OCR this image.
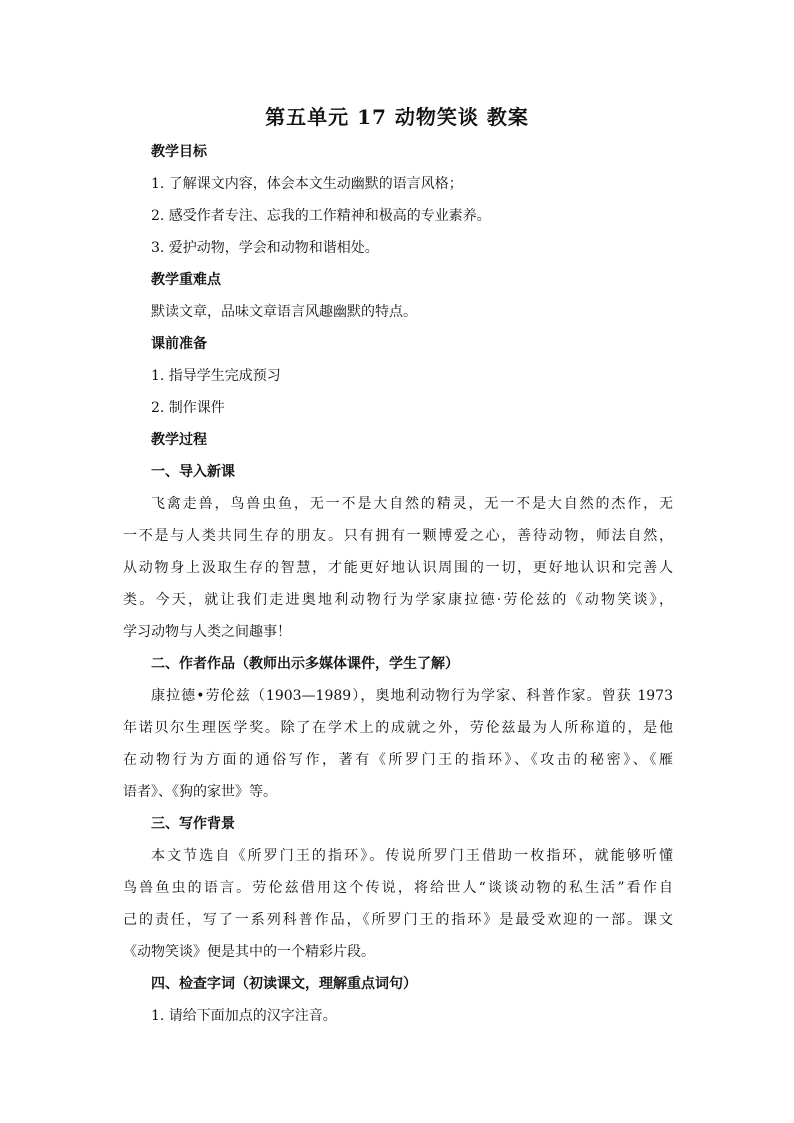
第五单元 17 动物笑谈 教案
教学目标
1. 了解课文内容，体会本文生动幽默的语言风格；
2. 感受作者专注、忘我的工作精神和极高的专业素养。
3. 爱护动物，学会和动物和谐相处。
教学重难点
默读文章，品味文章语言风趣幽默的特点。
课前准备
1. 指导学生完成预习
2. 制作课件
教学过程
一、导入新课
飞禽走兽，鸟兽虫鱼，无一不是大自然的精灵，无一不是大自然的杰作，无
一不是与人类共同生存的朋友。只有拥有一颗博爱之心，善待动物，师法自然，
从动物身上汲取生存的智慧，才能更好地认识周围的一切，更好地认识和完善人
类。今天，就让我们走进奥地利动物行为学家康拉德·劳伦兹的《动物笑谈》，
学习动物与人类之间趣事！
二、作者作品（教师出示多媒体课件，学生了解）
康拉德•劳伦兹（1903—1989），奥地利动物行为学家、科普作家。曾获 1973
年诺贝尔生理医学奖。除了在学术上的成就之外，劳伦兹最为人所称道的，是他
在动物行为方面的通俗写作，著有《所罗门王的指环》、《攻击的秘密》、《雁
语者》、《狗的家世》等。
三、写作背景
本文节选自《所罗门王的指环》。传说所罗门王借助一枚指环，就能够听懂
鸟兽鱼虫的语言。劳伦兹借用这个传说，将给世人“谈谈动物的私生活”看作自
己的责任，写了一系列科普作品，《所罗门王的指环》是最受欢迎的一部。课文
《动物笑谈》便是其中的一个精彩片段。
四、检查字词（初读课文，理解重点词句）
1. 请给下面加点的汉字注音。
